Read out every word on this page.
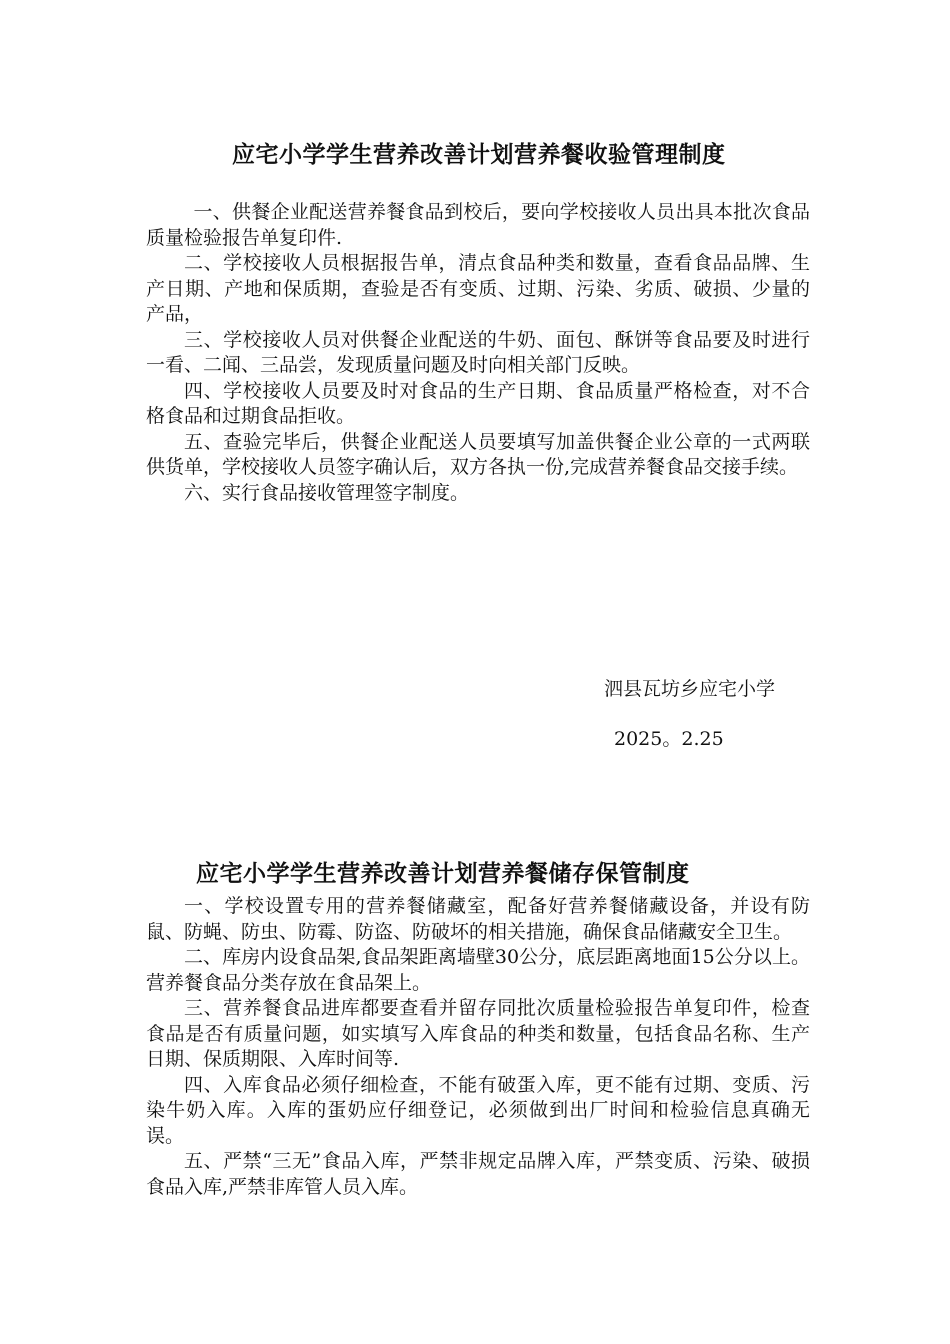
应宅小学学生营养改善计划营养餐收验管理制度

一、供餐企业配送营养餐食品到校后，要向学校接收人员出具本批次食品质量检验报告单复印件.

二、学校接收人员根据报告单，清点食品种类和数量，查看食品品牌、生产日期、产地和保质期，查验是否有变质、过期、污染、劣质、破损、少量的产品，

三、学校接收人员对供餐企业配送的牛奶、面包、酥饼等食品要及时进行一看、二闻、三品尝，发现质量问题及时向相关部门反映。

四、学校接收人员要及时对食品的生产日期、食品质量严格检查，对不合格食品和过期食品拒收。

五、查验完毕后，供餐企业配送人员要填写加盖供餐企业公章的一式两联供货单，学校接收人员签字确认后，双方各执一份,完成营养餐食品交接手续。

六、实行食品接收管理签字制度。

泗县瓦坊乡应宅小学
2025。2.25
应宅小学学生营养改善计划营养餐储存保管制度

一、学校设置专用的营养餐储藏室，配备好营养餐储藏设备，并设有防鼠、防蝇、防虫、防霉、防盗、防破坏的相关措施，确保食品储藏安全卫生。

二、库房内设食品架,食品架距离墙壁30公分，底层距离地面15公分以上。营养餐食品分类存放在食品架上。

三、营养餐食品进库都要查看并留存同批次质量检验报告单复印件，检查食品是否有质量问题，如实填写入库食品的种类和数量，包括食品名称、生产日期、保质期限、入库时间等.

四、入库食品必须仔细检查，不能有破蛋入库，更不能有过期、变质、污染牛奶入库。入库的蛋奶应仔细登记，必须做到出厂时间和检验信息真确无误。

五、严禁“三无”食品入库，严禁非规定品牌入库，严禁变质、污染、破损食品入库,严禁非库管人员入库。
